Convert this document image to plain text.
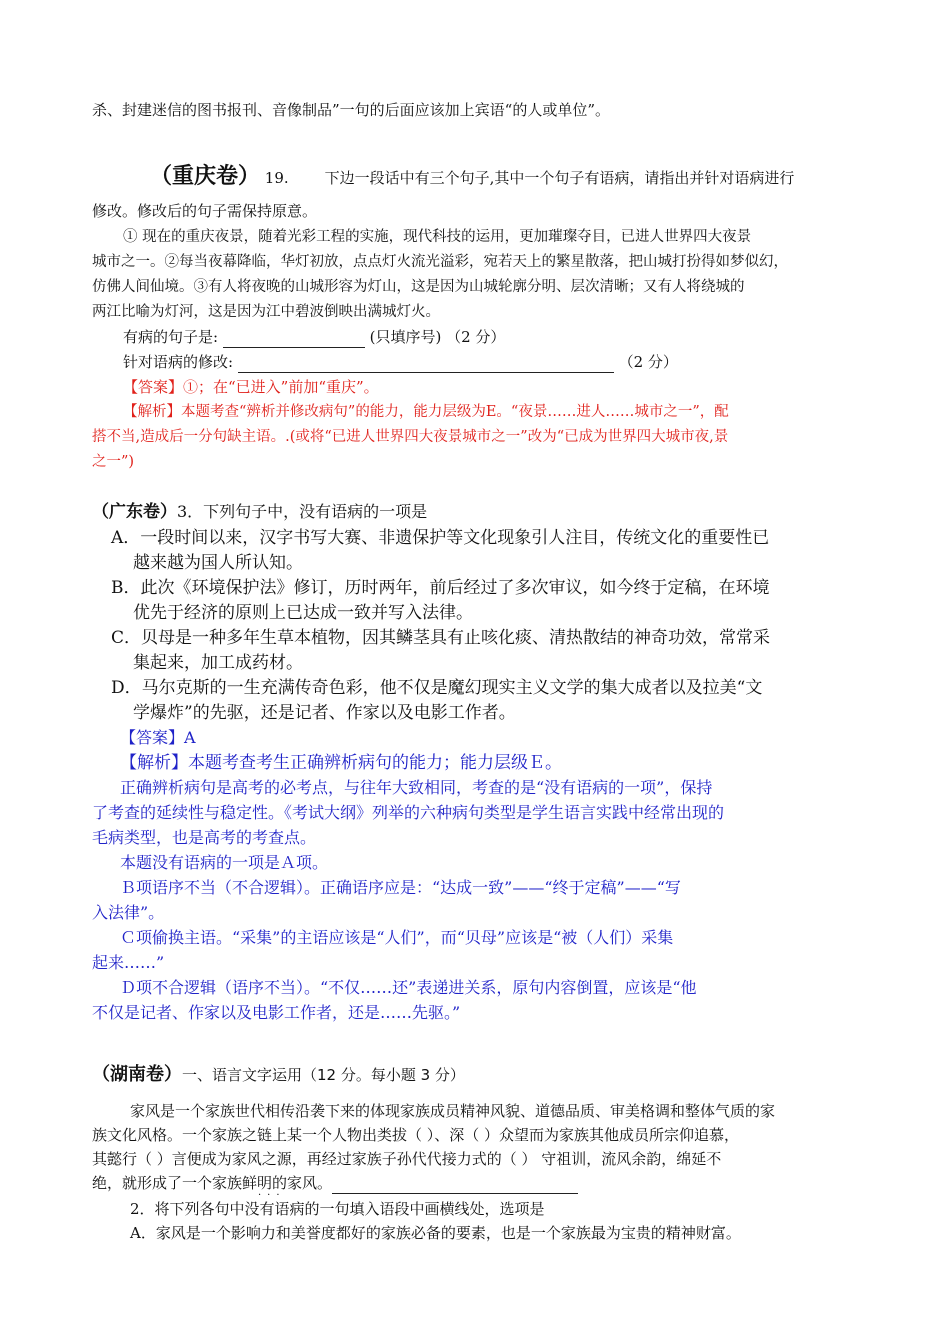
杀、封建迷信的图书报刊、音像制品”一句的后面应该加上宾语“的人或单位”。
（重庆卷） 19. 下边一段话中有三个句子,其中一个句子有语病，请指出并针对语病进行
修改。修改后的句子需保持原意。
① 现在的重庆夜景，随着光彩工程的实施，现代科技的运用，更加璀璨夺目，已进人世界四大夜景
城市之一。②每当夜幕降临，华灯初放，点点灯火流光溢彩，宛若天上的繁星散落，把山城打扮得如梦似幻，
仿佛人间仙境。③有人将夜晚的山城形容为灯山，这是因为山城轮廓分明、层次清晰；又有人将绕城的
两江比喻为灯河，这是因为江中碧波倒映出满城灯火。
有病的句子是:	(只填序号) （2 分）
针对语病的修改:	（2 分）
【答案】①；在“已进入”前加“重庆”。
【解析】本题考查“辨析并修改病句”的能力，能力层级为E。“夜景……进人……城市之一”，配
搭不当,造成后一分句缺主语。.(或将“已进人世界四大夜景城市之一”改为“已成为世界四大城市夜,景
之一”)
（广东卷）3．下列句子中，没有语病的一项是
A．一段时间以来，汉字书写大赛、非遗保护等文化现象引人注目，传统文化的重要性已
越来越为国人所认知。
B．此次《环境保护法》修订，历时两年，前后经过了多次审议，如今终于定稿，在环境
优先于经济的原则上已达成一致并写入法律。
C．贝母是一种多年生草本植物，因其鳞茎具有止咳化痰、清热散结的神奇功效，常常采
集起来，加工成药材。
D．马尔克斯的一生充满传奇色彩，他不仅是魔幻现实主义文学的集大成者以及拉美“文
学爆炸”的先驱，还是记者、作家以及电影工作者。
【答案】A
【解析】本题考查考生正确辨析病句的能力；能力层级Ｅ。
正确辨析病句是高考的必考点，与往年大致相同，考查的是“没有语病的一项”，保持
了考查的延续性与稳定性。《考试大纲》列举的六种病句类型是学生语言实践中经常出现的
毛病类型，也是高考的考查点。
本题没有语病的一项是Ａ项。
Ｂ项语序不当（不合逻辑）。正确语序应是：“达成一致”——“终于定稿”——“写
入法律”。
Ｃ项偷换主语。“采集”的主语应该是“人们”，而“贝母”应该是“被（人们）采集
起来……”
Ｄ项不合逻辑（语序不当）。“不仅……还”表递进关系，原句内容倒置，应该是“他
不仅是记者、作家以及电影工作者，还是……先驱。”
（湖南卷）一、语言文字运用（12 分。每小题 3 分）
家风是一个家族世代相传沿袭下来的体现家族成员精神风貌、道德品质、审美格调和整体气质的家
族文化风格。一个家族之链上某一个人物出类拔（ ）、深（ ）众望而为家族其他成员所宗仰追慕，
其懿行（ ）言便成为家风之源，再经过家族子孙代代接力式的（ ） 守祖训，流风余韵，绵延不
绝，就形成了一个家族鲜明的家风。
···
2．将下列各句中没有语病的一句填入语段中画横线处，选项是
A．家风是一个影响力和美誉度都好的家族必备的要素，也是一个家族最为宝贵的精神财富。
